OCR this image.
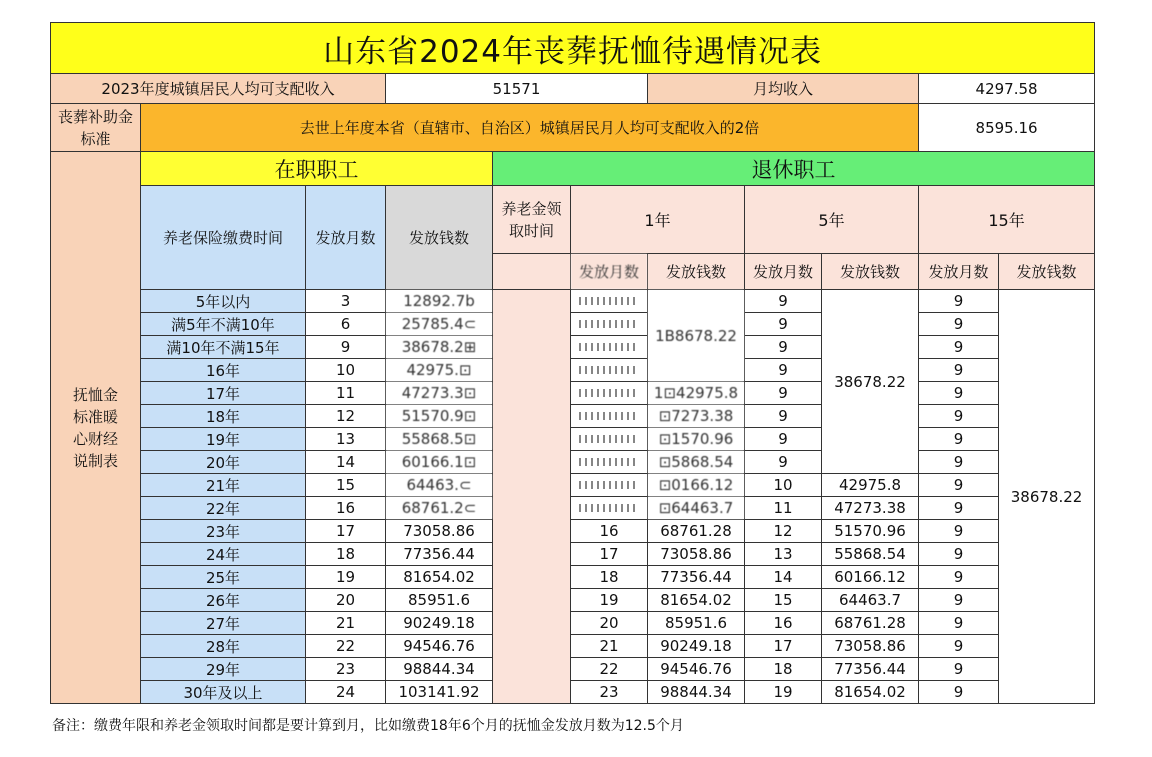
山东省2024年丧葬抚恤待遇情况表										
2023年度城镇居民人均可支配收入			51571			月均收入			4297.58	
丧葬补助金标准	去世上年度本省（直辖市、自治区）城镇居民月人均可支配收入的2倍								8595.16	
抚恤金标准暖心财经说制表	在职职工			退休职工						
	养老保险缴费时间	发放月数	发放钱数	养老金领取时间	1年		5年		15年	
					发放月数	发放钱数	发放月数	发放钱数	发放月数	发放钱数
	5年以内	3	12892.7b			1B8678.22	9	38678.22	9	38678.22
	满5年不满10年	6	25785.4⊂				9		9	
	满10年不满15年	9	38678.2⊞				9		9	
	16年	10	42975.⊡				9		9	
	17年	11	47273.3⊡			1⊡42975.8	9		9	
	18年	12	51570.9⊡			⊡7273.38	9		9	
	19年	13	55868.5⊡			⊡1570.96	9		9	
	20年	14	60166.1⊡			⊡5868.54	9		9	
	21年	15	64463.⊂			⊡0166.12	10	42975.8	9	
	22年	16	68761.2⊂			⊡64463.7	11	47273.38	9	
	23年	17	73058.86		16	68761.28	12	51570.96	9	
	24年	18	77356.44		17	73058.86	13	55868.54	9	
	25年	19	81654.02		18	77356.44	14	60166.12	9	
	26年	20	85951.6		19	81654.02	15	64463.7	9	
	27年	21	90249.18		20	85951.6	16	68761.28	9	
	28年	22	94546.76		21	90249.18	17	73058.86	9	
	29年	23	98844.34		22	94546.76	18	77356.44	9	
	30年及以上	24	103141.92		23	98844.34	19	81654.02	9	
备注：缴费年限和养老金领取时间都是要计算到月，比如缴费18年6个月的抚恤金发放月数为12.5个月
